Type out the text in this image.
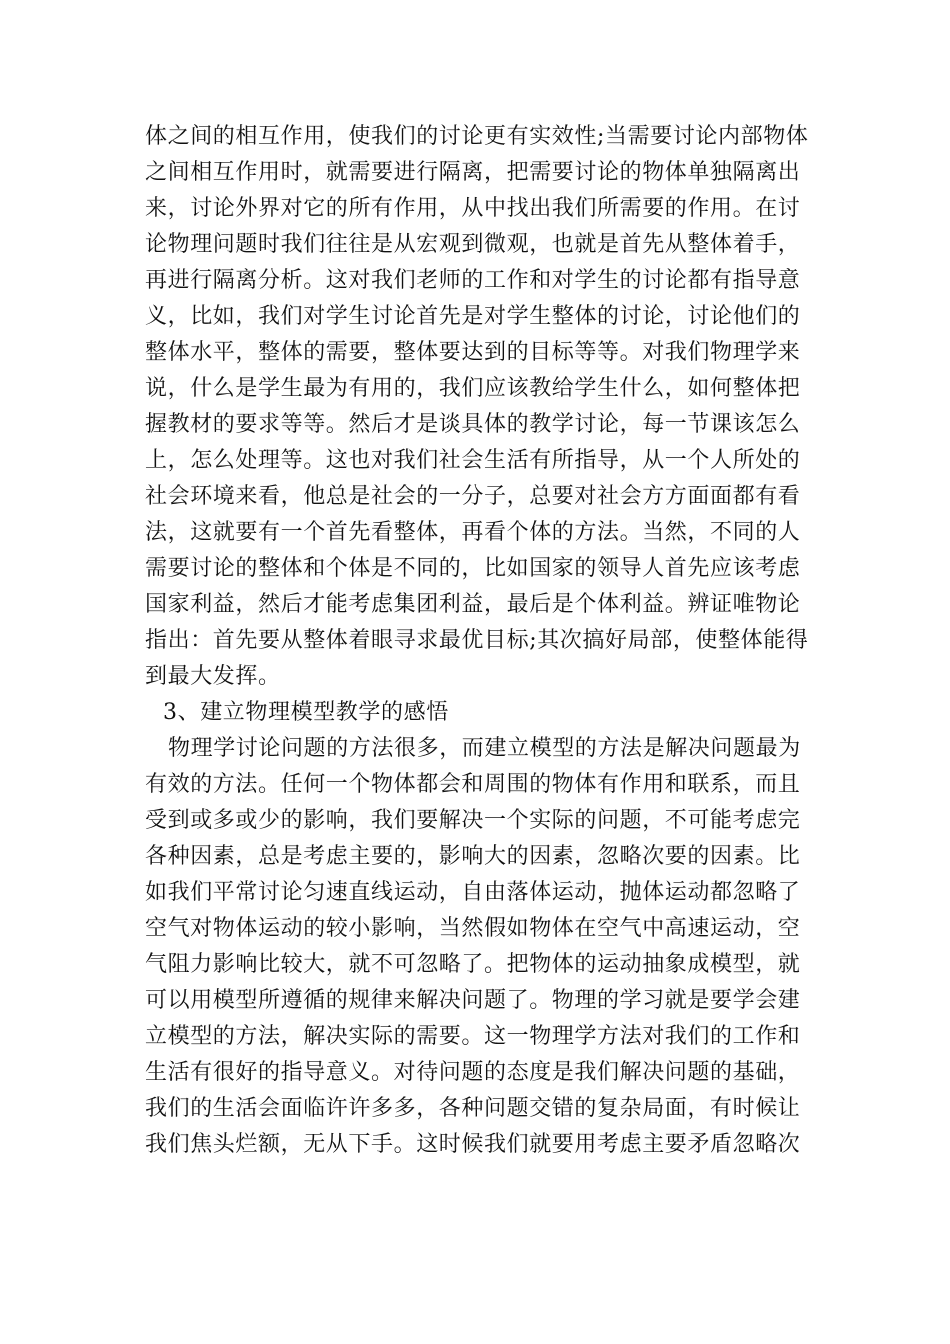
体之间的相互作用，使我们的讨论更有实效性;当需要讨论内部物体
之间相互作用时，就需要进行隔离，把需要讨论的物体单独隔离出
来，讨论外界对它的所有作用，从中找出我们所需要的作用。在讨
论物理问题时我们往往是从宏观到微观，也就是首先从整体着手，
再进行隔离分析。这对我们老师的工作和对学生的讨论都有指导意
义，比如，我们对学生讨论首先是对学生整体的讨论，讨论他们的
整体水平，整体的需要，整体要达到的目标等等。对我们物理学来
说，什么是学生最为有用的，我们应该教给学生什么，如何整体把
握教材的要求等等。然后才是谈具体的教学讨论，每一节课该怎么
上，怎么处理等。这也对我们社会生活有所指导，从一个人所处的
社会环境来看，他总是社会的一分子，总要对社会方方面面都有看
法，这就要有一个首先看整体，再看个体的方法。当然，不同的人
需要讨论的整体和个体是不同的，比如国家的领导人首先应该考虑
国家利益，然后才能考虑集团利益，最后是个体利益。辨证唯物论
指出：首先要从整体着眼寻求最优目标;其次搞好局部，使整体能得
到最大发挥。
3、建立物理模型教学的感悟
物理学讨论问题的方法很多，而建立模型的方法是解决问题最为
有效的方法。任何一个物体都会和周围的物体有作用和联系，而且
受到或多或少的影响，我们要解决一个实际的问题，不可能考虑完
各种因素，总是考虑主要的，影响大的因素，忽略次要的因素。比
如我们平常讨论匀速直线运动，自由落体运动，抛体运动都忽略了
空气对物体运动的较小影响，当然假如物体在空气中高速运动，空
气阻力影响比较大，就不可忽略了。把物体的运动抽象成模型，就
可以用模型所遵循的规律来解决问题了。物理的学习就是要学会建
立模型的方法，解决实际的需要。这一物理学方法对我们的工作和
生活有很好的指导意义。对待问题的态度是我们解决问题的基础，
我们的生活会面临许许多多，各种问题交错的复杂局面，有时候让
我们焦头烂额，无从下手。这时候我们就要用考虑主要矛盾忽略次
